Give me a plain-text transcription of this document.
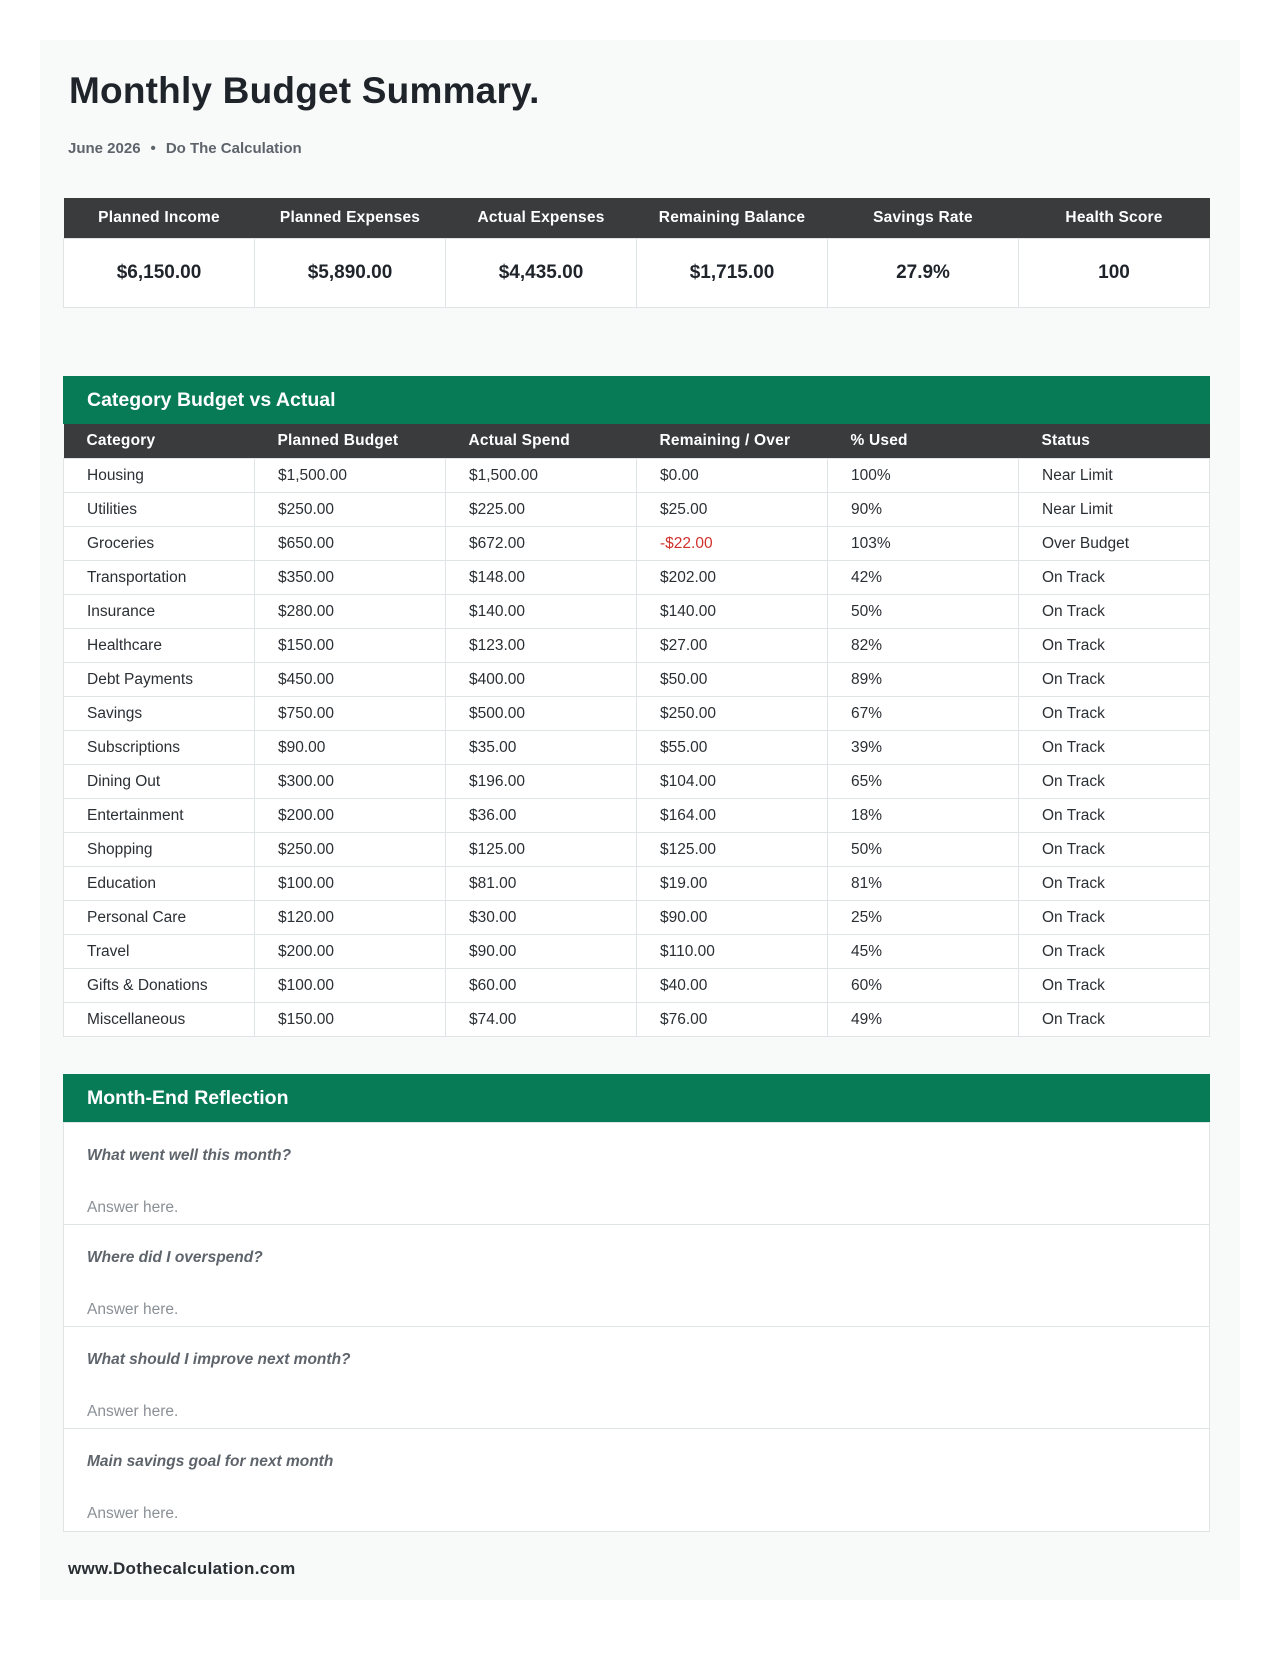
Monthly Budget Summary.
June 2026 • Do The Calculation
Planned Income	Planned Expenses	Actual Expenses	Remaining Balance	Savings Rate	Health Score
$6,150.00	$5,890.00	$4,435.00	$1,715.00	27.9%	100
Category Budget vs Actual
Category	Planned Budget	Actual Spend	Remaining / Over	% Used	Status
Housing	$1,500.00	$1,500.00	$0.00	100%	Near Limit
Utilities	$250.00	$225.00	$25.00	90%	Near Limit
Groceries	$650.00	$672.00	-$22.00	103%	Over Budget
Transportation	$350.00	$148.00	$202.00	42%	On Track
Insurance	$280.00	$140.00	$140.00	50%	On Track
Healthcare	$150.00	$123.00	$27.00	82%	On Track
Debt Payments	$450.00	$400.00	$50.00	89%	On Track
Savings	$750.00	$500.00	$250.00	67%	On Track
Subscriptions	$90.00	$35.00	$55.00	39%	On Track
Dining Out	$300.00	$196.00	$104.00	65%	On Track
Entertainment	$200.00	$36.00	$164.00	18%	On Track
Shopping	$250.00	$125.00	$125.00	50%	On Track
Education	$100.00	$81.00	$19.00	81%	On Track
Personal Care	$120.00	$30.00	$90.00	25%	On Track
Travel	$200.00	$90.00	$110.00	45%	On Track
Gifts & Donations	$100.00	$60.00	$40.00	60%	On Track
Miscellaneous	$150.00	$74.00	$76.00	49%	On Track
Month-End Reflection
What went well this month?
Answer here.
Where did I overspend?
Answer here.
What should I improve next month?
Answer here.
Main savings goal for next month
Answer here.
www.Dothecalculation.com
